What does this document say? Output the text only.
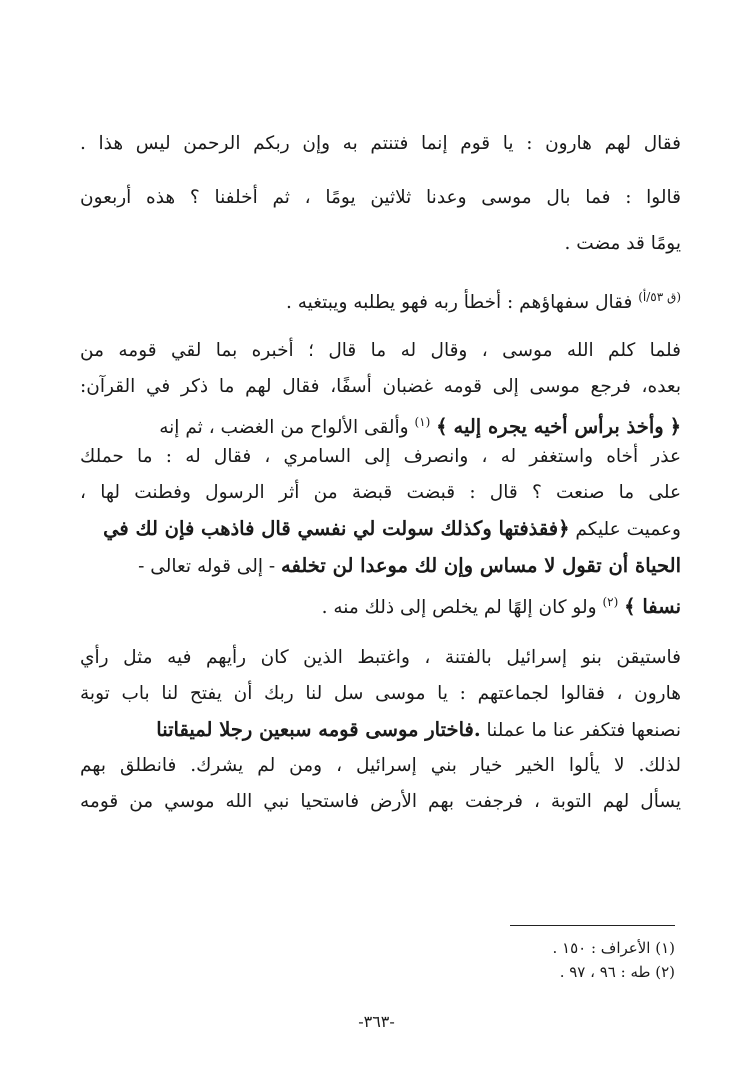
فقال لهم هارون : يا قوم إنما فتنتم به وإن ربكم الرحمن ليس هذا .
قالوا : فما بال موسى وعدنا ثلاثين يومًا ، ثم أخلفنا ؟ هذه أربعون
يومًا قد مضت .
$^{(ق ٥٣/أ)}$ فقال سفهاؤهم : أخطأ ربه فهو يطلبه ويبتغيه .
فلما كلم الله موسى ، وقال له ما قال ؛ أخبره بما لقي قومه من
بعده، فرجع موسى إلى قومه غضبان أسفًا، فقال لهم ما ذكر في القرآن:
﴿ وأخذ برأس أخيه يجره إليه ﴾ $^{(١)}$ وألقى الألواح من الغضب ، ثم إنه
عذر أخاه واستغفر له ، وانصرف إلى السامري ، فقال له : ما حملك
على ما صنعت ؟ قال : قبضت قبضة من أثر الرسول وفطنت لها ،
وعميت عليكم ﴿فقذفتها وكذلك سولت لي نفسي قال فاذهب فإن لك في
الحياة أن تقول لا مساس وإن لك موعدا لن تخلفه - إلى قوله تعالى -
نسفا ﴾ $^{(٢)}$ ولو كان إلهًا لم يخلص إلى ذلك منه .
فاستيقن بنو إسرائيل بالفتنة ، واغتبط الذين كان رأيهم فيه مثل رأي
هارون ، فقالوا لجماعتهم : يا موسى سل لنا ربك أن يفتح لنا باب توبة
نصنعها فتكفر عنا ما عملنا .فاختار موسى قومه سبعين رجلا لميقاتنا
لذلك. لا يألوا الخير خيار بني إسرائيل ، ومن لم يشرك. فانطلق بهم
يسأل لهم التوبة ، فرجفت بهم الأرض فاستحيا نبي الله موسي من قومه
(١) الأعراف : ١٥٠ .
(٢) طه : ٩٦ ، ٩٧ .
-٣٦٣-
